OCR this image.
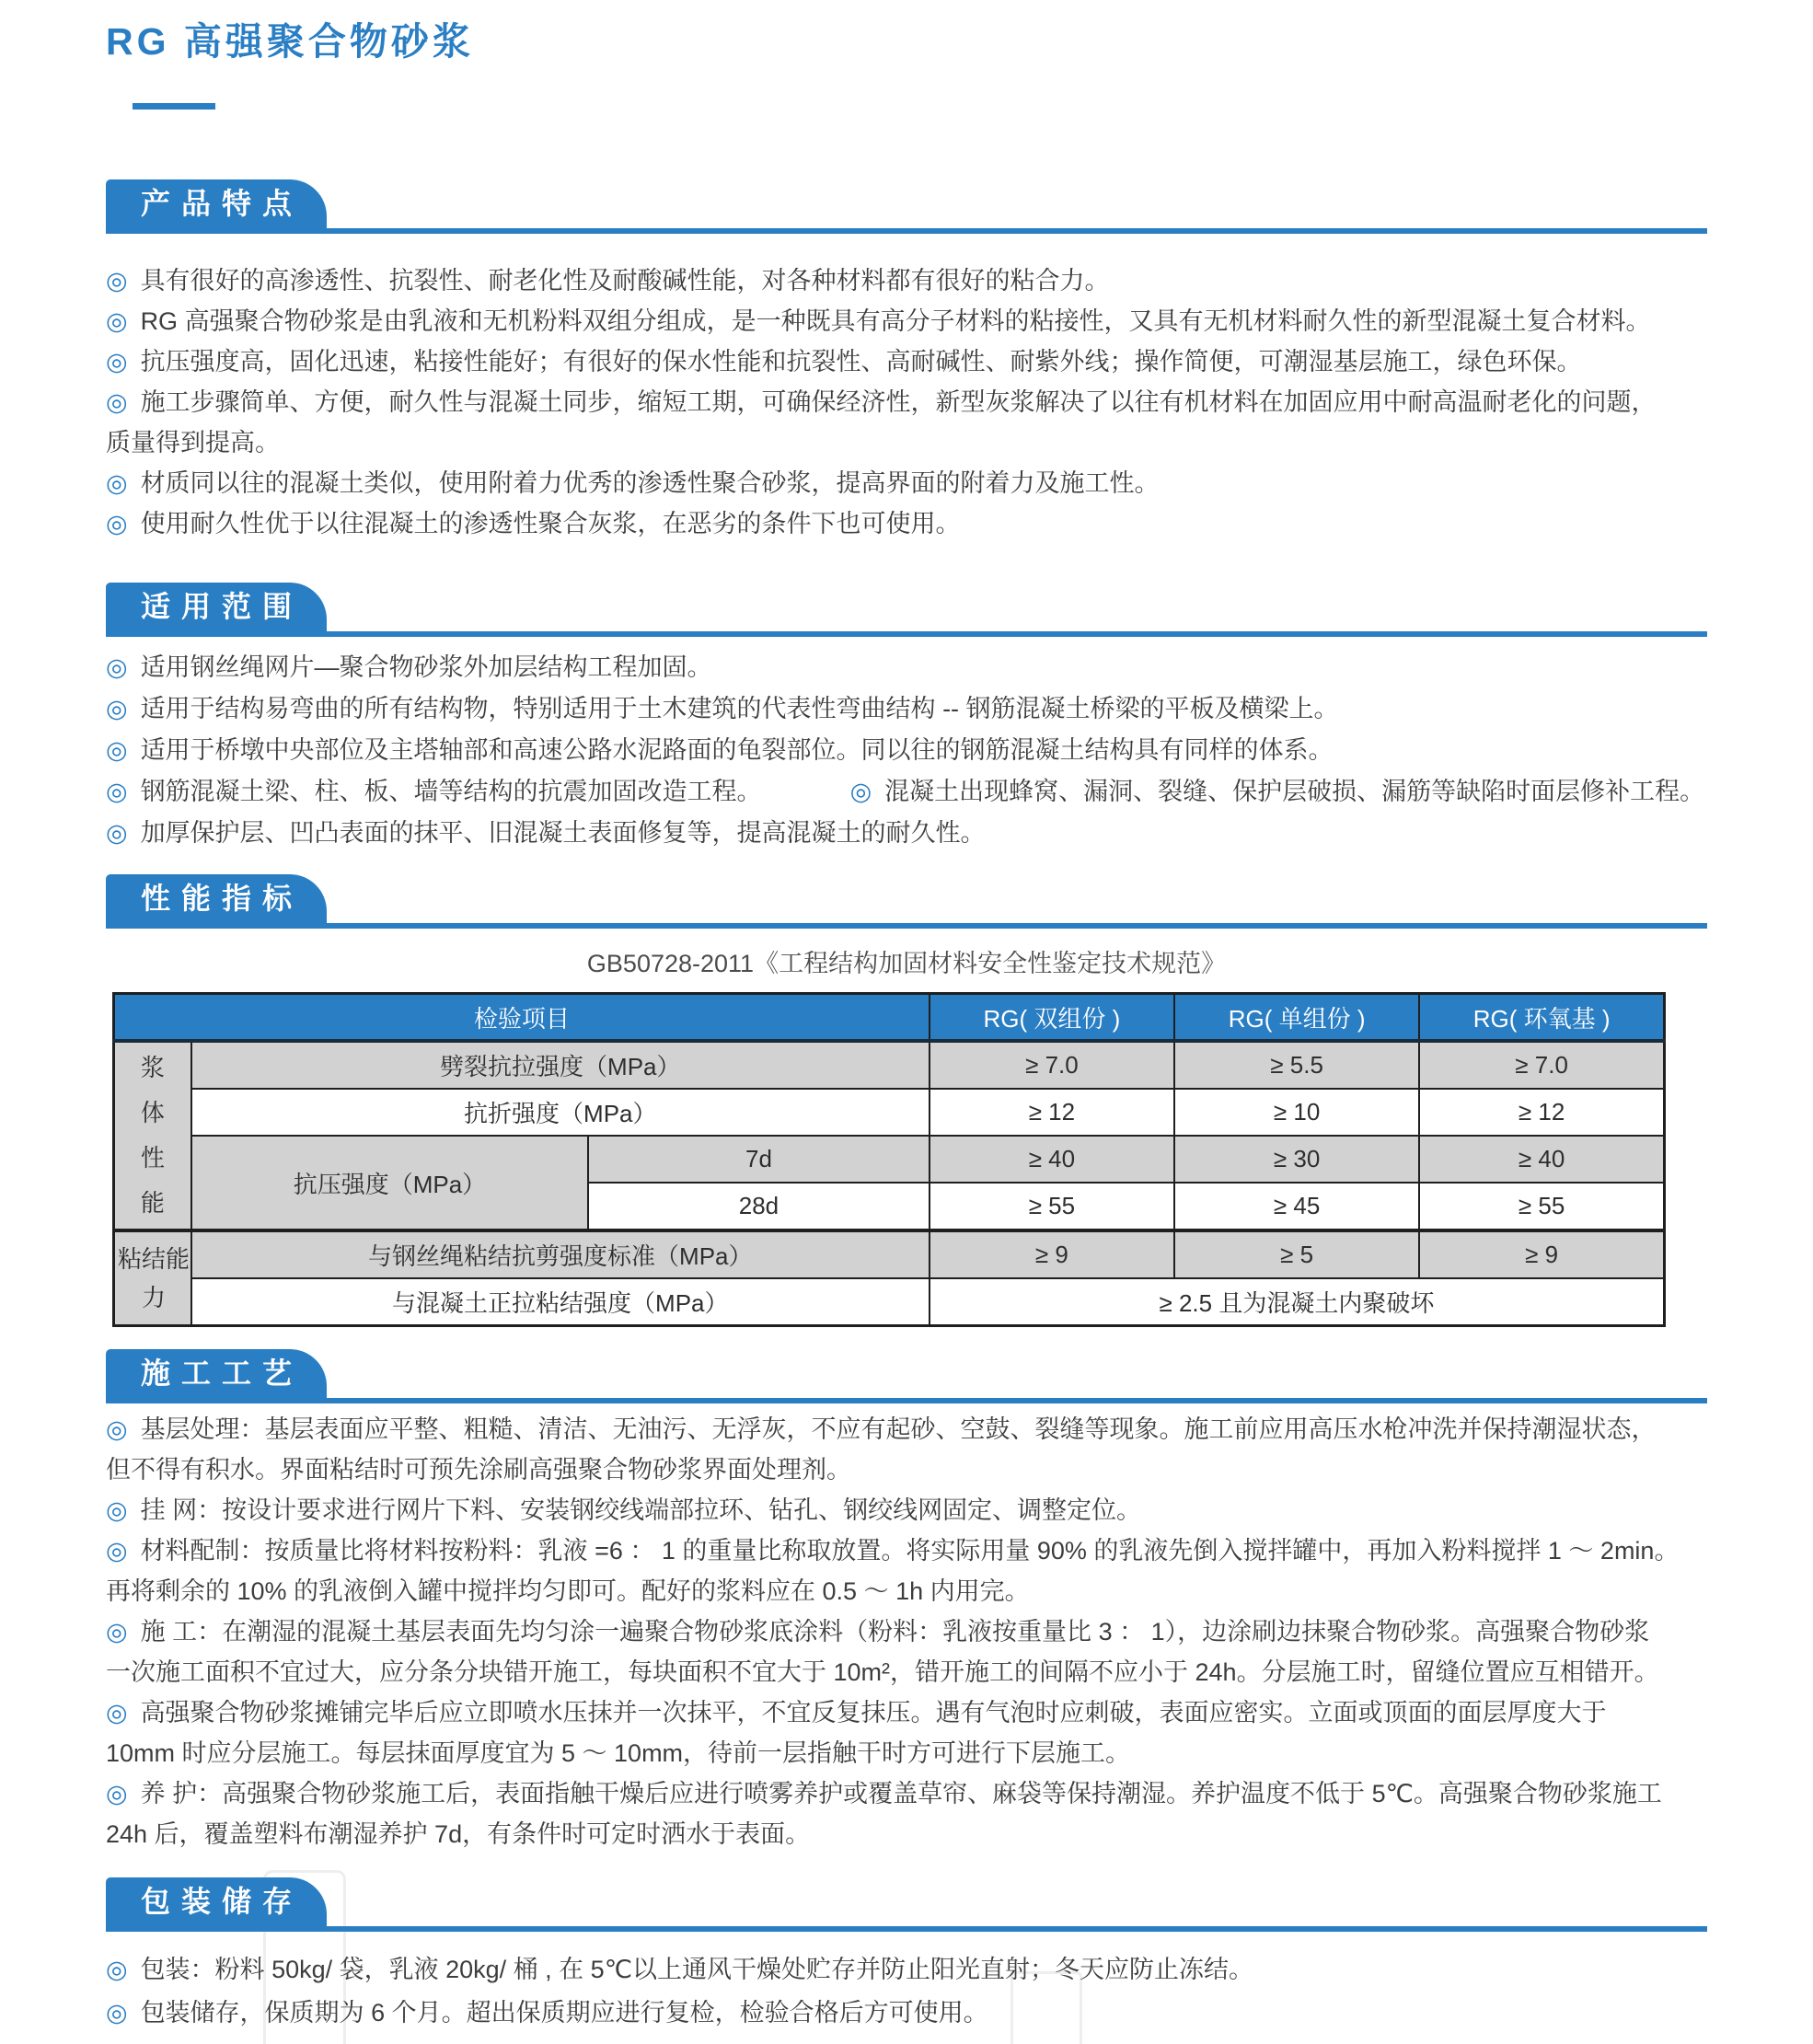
RG 高强聚合物砂浆
产品特点
◎ 具有很好的高渗透性、抗裂性、耐老化性及耐酸碱性能，对各种材料都有很好的粘合力。
◎ RG 高强聚合物砂浆是由乳液和无机粉料双组分组成，是一种既具有高分子材料的粘接性，又具有无机材料耐久性的新型混凝土复合材料。
◎ 抗压强度高，固化迅速，粘接性能好；有很好的保水性能和抗裂性、高耐碱性、耐紫外线；操作简便，可潮湿基层施工，绿色环保。
◎ 施工步骤简单、方便，耐久性与混凝土同步，缩短工期，可确保经济性，新型灰浆解决了以往有机材料在加固应用中耐高温耐老化的问题，
质量得到提高。
◎ 材质同以往的混凝土类似，使用附着力优秀的渗透性聚合砂浆，提高界面的附着力及施工性。
◎ 使用耐久性优于以往混凝土的渗透性聚合灰浆，在恶劣的条件下也可使用。
适用范围
◎ 适用钢丝绳网片—聚合物砂浆外加层结构工程加固。
◎ 适用于结构易弯曲的所有结构物，特别适用于土木建筑的代表性弯曲结构 -- 钢筋混凝土桥梁的平板及横梁上。
◎ 适用于桥墩中央部位及主塔轴部和高速公路水泥路面的龟裂部位。同以往的钢筋混凝土结构具有同样的体系。
◎ 钢筋混凝土梁、柱、板、墙等结构的抗震加固改造工程。	◎ 混凝土出现蜂窝、漏洞、裂缝、保护层破损、漏筋等缺陷时面层修补工程。
◎ 加厚保护层、凹凸表面的抹平、旧混凝土表面修复等，提高混凝土的耐久性。
性能指标
GB50728-2011《工程结构加固材料安全性鉴定技术规范》
检验项目			RG( 双组份 )	RG( 单组份 )	RG( 环氧基 )
浆体性能	劈裂抗拉强度（MPa）		≥ 7.0	≥ 5.5	≥ 7.0
	抗折强度（MPa）		≥ 12	≥ 10	≥ 12
	抗压强度（MPa）	7d	≥ 40	≥ 30	≥ 40
		28d	≥ 55	≥ 45	≥ 55
粘结能力	与钢丝绳粘结抗剪强度标准（MPa）		≥ 9	≥ 5	≥ 9
	与混凝土正拉粘结强度（MPa）		≥ 2.5 且为混凝土内聚破坏		
施工工艺
◎ 基层处理：基层表面应平整、粗糙、清洁、无油污、无浮灰，不应有起砂、空鼓、裂缝等现象。施工前应用高压水枪冲洗并保持潮湿状态，
但不得有积水。界面粘结时可预先涂刷高强聚合物砂浆界面处理剂。
◎ 挂 网：按设计要求进行网片下料、安装钢绞线端部拉环、钻孔、钢绞线网固定、调整定位。
◎ 材料配制：按质量比将材料按粉料：乳液 =6 ： 1 的重量比称取放置。将实际用量 90% 的乳液先倒入搅拌罐中，再加入粉料搅拌 1 ～ 2min。
再将剩余的 10% 的乳液倒入罐中搅拌均匀即可。配好的浆料应在 0.5 ～ 1h 内用完。
◎ 施 工：在潮湿的混凝土基层表面先均匀涂一遍聚合物砂浆底涂料（粉料：乳液按重量比 3 ： 1），边涂刷边抹聚合物砂浆。高强聚合物砂浆
一次施工面积不宜过大，应分条分块错开施工，每块面积不宜大于 10m²，错开施工的间隔不应小于 24h。分层施工时，留缝位置应互相错开。
◎ 高强聚合物砂浆摊铺完毕后应立即喷水压抹并一次抹平，不宜反复抹压。遇有气泡时应刺破，表面应密实。立面或顶面的面层厚度大于
10mm 时应分层施工。每层抹面厚度宜为 5 ～ 10mm，待前一层指触干时方可进行下层施工。
◎ 养 护：高强聚合物砂浆施工后，表面指触干燥后应进行喷雾养护或覆盖草帘、麻袋等保持潮湿。养护温度不低于 5℃。高强聚合物砂浆施工
24h 后，覆盖塑料布潮湿养护 7d，有条件时可定时洒水于表面。
包装储存
◎ 包装：粉料 50kg/ 袋，乳液 20kg/ 桶 , 在 5℃以上通风干燥处贮存并防止阳光直射；冬天应防止冻结。
◎ 包装储存，保质期为 6 个月。超出保质期应进行复检，检验合格后方可使用。
